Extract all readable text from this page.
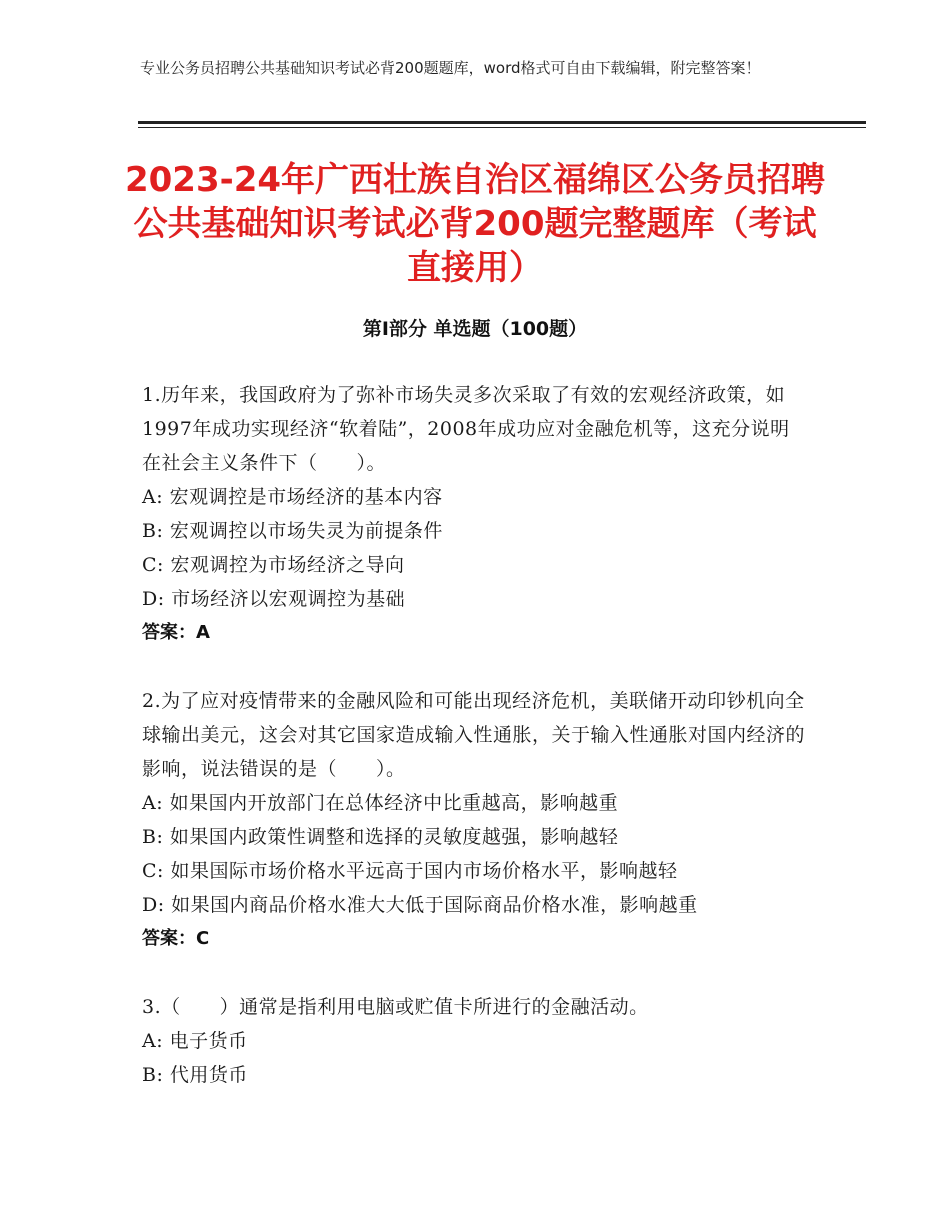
专业公务员招聘公共基础知识考试必背200题题库，word格式可自由下载编辑，附完整答案！
2023-24年广西壮族自治区福绵区公务员招聘公共基础知识考试必背200题完整题库（考试直接用）
第I部分 单选题（100题）

1.历年来，我国政府为了弥补市场失灵多次采取了有效的宏观经济政策，如1997年成功实现经济“软着陆”，2008年成功应对金融危机等，这充分说明在社会主义条件下（　　）。

A: 宏观调控是市场经济的基本内容

B: 宏观调控以市场失灵为前提条件

C: 宏观调控为市场经济之导向

D: 市场经济以宏观调控为基础

答案：A

2.为了应对疫情带来的金融风险和可能出现经济危机，美联储开动印钞机向全球输出美元，这会对其它国家造成输入性通胀，关于输入性通胀对国内经济的影响，说法错误的是（　　）。

A: 如果国内开放部门在总体经济中比重越高，影响越重

B: 如果国内政策性调整和选择的灵敏度越强，影响越轻

C: 如果国际市场价格水平远高于国内市场价格水平，影响越轻

D: 如果国内商品价格水准大大低于国际商品价格水准，影响越重

答案：C

3.（　　）通常是指利用电脑或贮值卡所进行的金融活动。

A: 电子货币

B: 代用货币
